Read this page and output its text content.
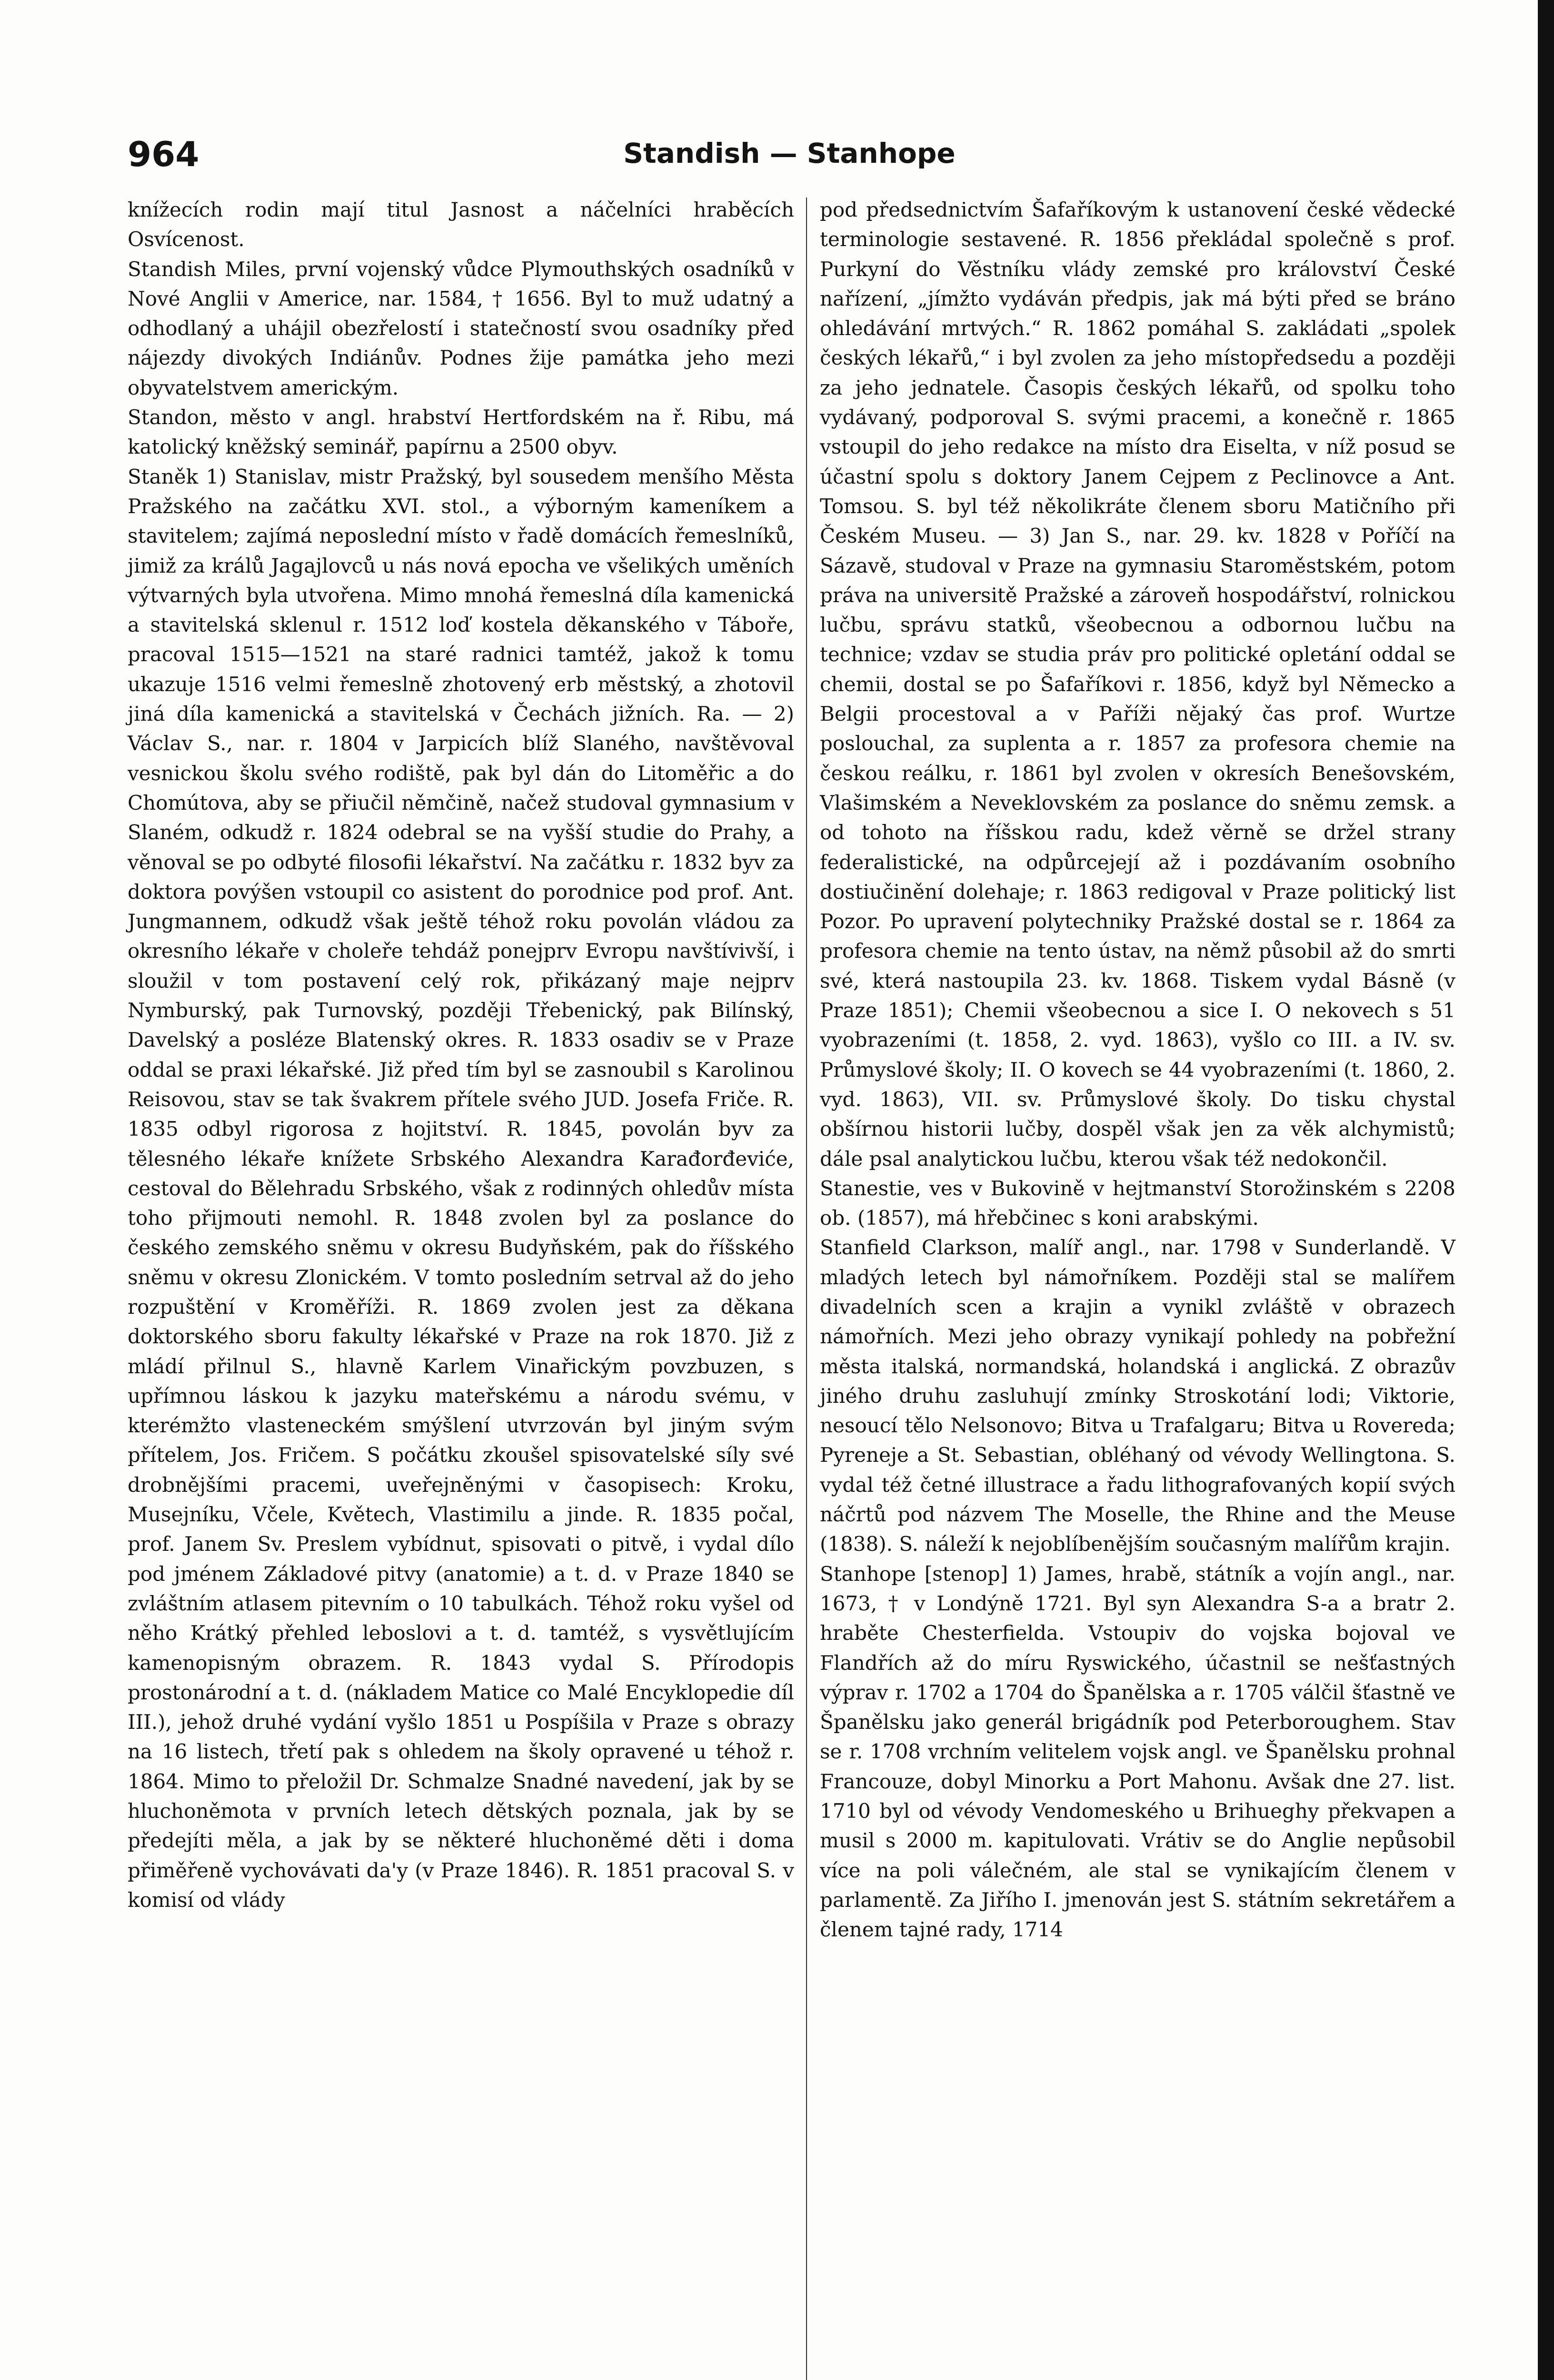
964	Standish — Stanhope

knížecích rodin mají titul Jasnost a náčelníci hraběcích Osvícenost.

Standish Miles, první vojenský vůdce Plymouthských osadníků v Nové Anglii v Americe, nar. 1584, † 1656. Byl to muž udatný a odhodlaný a uhájil obezřelostí i statečností svou osadníky před nájezdy divokých Indiánův. Podnes žije památka jeho mezi obyvatelstvem americkým.

Standon, město v angl. hrabství Hertfordském na ř. Ribu, má katolický kněžský seminář, papírnu a 2500 obyv.

Staněk 1) Stanislav, mistr Pražský, byl sousedem menšího Města Pražského na začátku XVI. stol., a výborným kameníkem a stavitelem; zajímá neposlední místo v řadě domácích řemeslníků, jimiž za králů Jagajlovců u nás nová epocha ve všelikých uměních výtvarných byla utvořena. Mimo mnohá řemeslná díla kamenická a stavitelská sklenul r. 1512 loď kostela děkanského v Táboře, pracoval 1515—1521 na staré radnici tamtéž, jakož k tomu ukazuje 1516 velmi řemeslně zhotovený erb městský, a zhotovil jiná díla kamenická a stavitelská v Čechách jižních. Ra. — 2) Václav S., nar. r. 1804 v Jarpicích blíž Slaného, navštěvoval vesnickou školu svého rodiště, pak byl dán do Litoměřic a do Chomútova, aby se přiučil němčině, načež studoval gymnasium v Slaném, odkudž r. 1824 odebral se na vyšší studie do Prahy, a věnoval se po odbyté filosofii lékařství. Na začátku r. 1832 byv za doktora povýšen vstoupil co asistent do porodnice pod prof. Ant. Jungmannem, odkudž však ještě téhož roku povolán vládou za okresního lékaře v choleře tehdáž ponejprv Evropu navštívivší, i sloužil v tom postavení celý rok, přikázaný maje nejprv Nymburský, pak Turnovský, později Třebenický, pak Bilínský, Davelský a posléze Blatenský okres. R. 1833 osadiv se v Praze oddal se praxi lékařské. Již před tím byl se zasnoubil s Karolinou Reisovou, stav se tak švakrem přítele svého JUD. Josefa Friče. R. 1835 odbyl rigorosa z hojitství. R. 1845, povolán byv za tělesného lékaře knížete Srbského Alexandra Karađorđeviće, cestoval do Bělehradu Srbského, však z rodinných ohledův místa toho přijmouti nemohl. R. 1848 zvolen byl za poslance do českého zemského sněmu v okresu Budyňském, pak do říšského sněmu v okresu Zlonickém. V tomto posledním setrval až do jeho rozpuštění v Kroměříži. R. 1869 zvolen jest za děkana doktorského sboru fakulty lékařské v Praze na rok 1870. Již z mládí přilnul S., hlavně Karlem Vinařickým povzbuzen, s upřímnou láskou k jazyku mateřskému a národu svému, v kterémžto vlasteneckém smýšlení utvrzován byl jiným svým přítelem, Jos. Fričem. S počátku zkoušel spisovatelské síly své drobnějšími pracemi, uveřejněnými v časopisech: Kroku, Musejníku, Včele, Květech, Vlastimilu a jinde. R. 1835 počal, prof. Janem Sv. Preslem vybídnut, spisovati o pitvě, i vydal dílo pod jménem Základové pitvy (anatomie) a t. d. v Praze 1840 se zvláštním atlasem pitevním o 10 tabulkách. Téhož roku vyšel od něho Krátký přehled leboslovi a t. d. tamtéž, s vysvětlujícím kamenopisným obrazem. R. 1843 vydal S. Přírodopis prostonárodní a t. d. (nákladem Matice co Malé Encyklopedie díl III.), jehož druhé vydání vyšlo 1851 u Pospíšila v Praze s obrazy na 16 listech, třetí pak s ohledem na školy opravené u téhož r. 1864. Mimo to přeložil Dr. Schmalze Snadné navedení, jak by se hluchoněmota v prvních letech dětských poznala, jak by se předejíti měla, a jak by se některé hluchoněmé děti i doma přiměřeně vychovávati da'y (v Praze 1846). R. 1851 pracoval S. v komisí od vlády

pod předsednictvím Šafaříkovým k ustanovení české vědecké terminologie sestavené. R. 1856 překládal společně s prof. Purkyní do Věstníku vlády zemské pro království České nařízení, „jímžto vydáván předpis, jak má býti před se bráno ohledávání mrtvých.“ R. 1862 pomáhal S. zakládati „spolek českých lékařů,“ i byl zvolen za jeho místopředsedu a později za jeho jednatele. Časopis českých lékařů, od spolku toho vydávaný, podporoval S. svými pracemi, a konečně r. 1865 vstoupil do jeho redakce na místo dra Eiselta, v níž posud se účastní spolu s doktory Janem Cejpem z Peclinovce a Ant. Tomsou. S. byl též několikráte členem sboru Matičního při Českém Museu. — 3) Jan S., nar. 29. kv. 1828 v Poříčí na Sázavě, studoval v Praze na gymnasiu Staroměstském, potom práva na universitě Pražské a zároveň hospodářství, rolnickou lučbu, správu statků, všeobecnou a odbornou lučbu na technice; vzdav se studia práv pro politické opletání oddal se chemii, dostal se po Šafaříkovi r. 1856, když byl Německo a Belgii procestoval a v Paříži nějaký čas prof. Wurtze poslouchal, za suplenta a r. 1857 za profesora chemie na českou reálku, r. 1861 byl zvolen v okresích Benešovském, Vlašimském a Neveklovském za poslance do sněmu zemsk. a od tohoto na říšskou radu, kdež věrně se držel strany federalistické, na odpůrcejejí až i pozdávaním osobního dostiučinění dolehaje; r. 1863 redigoval v Praze politický list Pozor. Po upravení polytechniky Pražské dostal se r. 1864 za profesora chemie na tento ústav, na němž působil až do smrti své, která nastoupila 23. kv. 1868. Tiskem vydal Básně (v Praze 1851); Chemii všeobecnou a sice I. O nekovech s 51 vyobrazeními (t. 1858, 2. vyd. 1863), vyšlo co III. a IV. sv. Průmyslové školy; II. O kovech se 44 vyobrazeními (t. 1860, 2. vyd. 1863), VII. sv. Průmyslové školy. Do tisku chystal obšírnou historii lučby, dospěl však jen za věk alchymistů; dále psal analytickou lučbu, kterou však též nedokončil.

Stanestie, ves v Bukovině v hejtmanství Storožinském s 2208 ob. (1857), má hřebčinec s koni arabskými.

Stanfield Clarkson, malíř angl., nar. 1798 v Sunderlandě. V mladých letech byl námořníkem. Později stal se malířem divadelních scen a krajin a vynikl zvláště v obrazech námořních. Mezi jeho obrazy vynikají pohledy na pobřežní města italská, normandská, holandská i anglická. Z obrazův jiného druhu zasluhují zmínky Stroskotání lodi; Viktorie, nesoucí tělo Nelsonovo; Bitva u Trafalgaru; Bitva u Rovereda; Pyreneje a St. Sebastian, obléhaný od vévody Wellingtona. S. vydal též četné illustrace a řadu lithografovaných kopií svých náčrtů pod názvem The Moselle, the Rhine and the Meuse (1838). S. náleží k nejoblíbenějším současným malířům krajin.

Stanhope [stenop] 1) James, hrabě, státník a vojín angl., nar. 1673, † v Londýně 1721. Byl syn Alexandra S-a a bratr 2. hraběte Chesterfielda. Vstoupiv do vojska bojoval ve Flandřích až do míru Ryswického, účastnil se nešťastných výprav r. 1702 a 1704 do Španělska a r. 1705 válčil šťastně ve Španělsku jako generál brigádník pod Peterboroughem. Stav se r. 1708 vrchním velitelem vojsk angl. ve Španělsku prohnal Francouze, dobyl Minorku a Port Mahonu. Avšak dne 27. list. 1710 byl od vévody Vendomeského u Brihueghy překvapen a musil s 2000 m. kapitulovati. Vrátiv se do Anglie nepůsobil více na poli válečném, ale stal se vynikajícím členem v parlamentě. Za Jiřího I. jmenován jest S. státním sekretářem a členem tajné rady, 1714
